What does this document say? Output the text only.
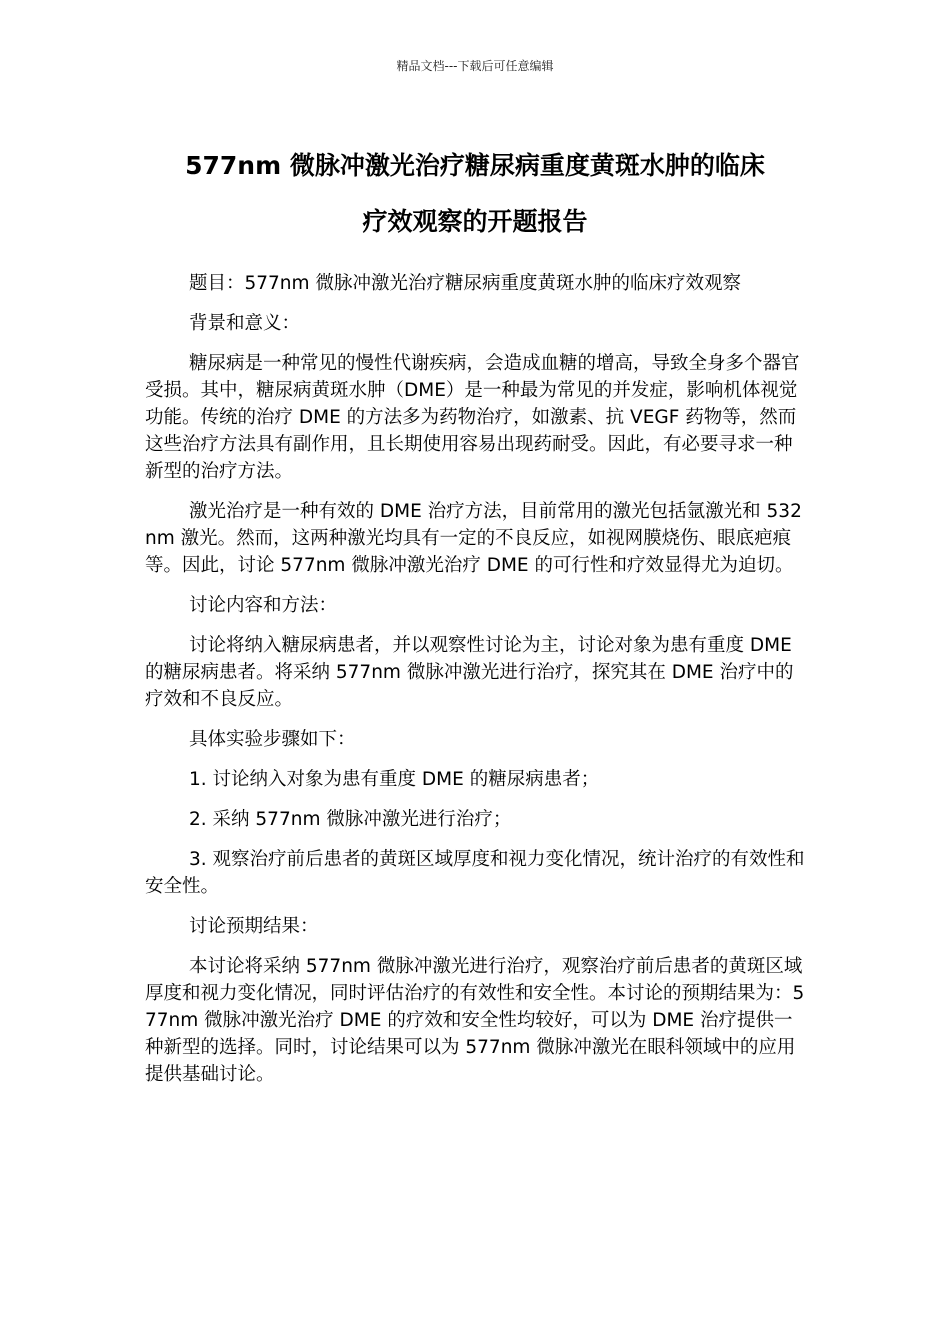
精品文档---下载后可任意编辑
577nm 微脉冲激光治疗糖尿病重度黄斑水肿的临床
疗效观察的开题报告

题目：577nm 微脉冲激光治疗糖尿病重度黄斑水肿的临床疗效观察

背景和意义：

糖尿病是一种常见的慢性代谢疾病，会造成血糖的增高，导致全身多个器官受损。其中，糖尿病黄斑水肿（DME）是一种最为常见的并发症，影响机体视觉功能。传统的治疗 DME 的方法多为药物治疗，如激素、抗 VEGF 药物等，然而这些治疗方法具有副作用，且长期使用容易出现药耐受。因此，有必要寻求一种新型的治疗方法。

激光治疗是一种有效的 DME 治疗方法，目前常用的激光包括氩激光和 532nm 激光。然而，这两种激光均具有一定的不良反应，如视网膜烧伤、眼底疤痕等。因此，讨论 577nm 微脉冲激光治疗 DME 的可行性和疗效显得尤为迫切。

讨论内容和方法：

讨论将纳入糖尿病患者，并以观察性讨论为主，讨论对象为患有重度 DME 的糖尿病患者。将采纳 577nm 微脉冲激光进行治疗，探究其在 DME 治疗中的疗效和不良反应。

具体实验步骤如下：

1. 讨论纳入对象为患有重度 DME 的糖尿病患者；

2. 采纳 577nm 微脉冲激光进行治疗；

3. 观察治疗前后患者的黄斑区域厚度和视力变化情况，统计治疗的有效性和安全性。

讨论预期结果：

本讨论将采纳 577nm 微脉冲激光进行治疗，观察治疗前后患者的黄斑区域厚度和视力变化情况，同时评估治疗的有效性和安全性。本讨论的预期结果为：577nm 微脉冲激光治疗 DME 的疗效和安全性均较好，可以为 DME 治疗提供一种新型的选择。同时，讨论结果可以为 577nm 微脉冲激光在眼科领域中的应用提供基础讨论。
